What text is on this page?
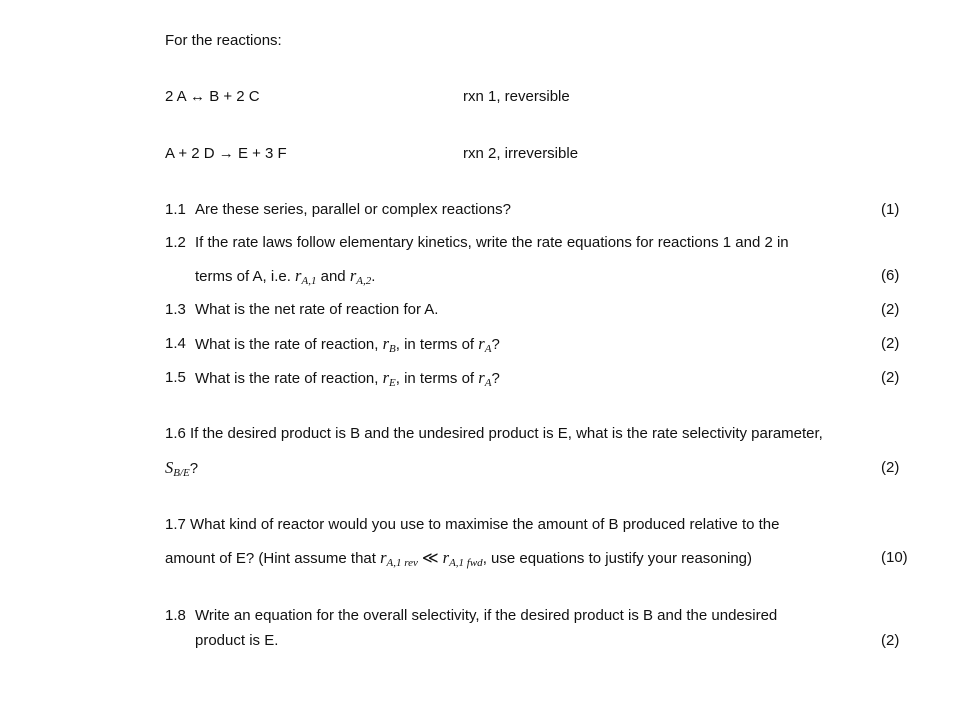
For the reactions:
2 A ↔ B + 2 C	rxn 1, reversible
A + 2 D → E + 3 F	rxn 2, irreversible
1.1 Are these series, parallel or complex reactions?	(1)
1.2 If the rate laws follow elementary kinetics, write the rate equations for reactions 1 and 2 in
terms of A, i.e. $r_{A,1}$ and $r_{A,2}$.	(6)
1.3 What is the net rate of reaction for A.	(2)
1.4 What is the rate of reaction, $r_B$, in terms of $r_A$?	(2)
1.5 What is the rate of reaction, $r_E$, in terms of $r_A$?	(2)
1.6 If the desired product is B and the undesired product is E, what is the rate selectivity parameter,
$S_{B/E}$?	(2)
1.7 What kind of reactor would you use to maximise the amount of B produced relative to the
amount of E? (Hint assume that $r_{A,1 rev}$ ≪ $r_{A,1 fwd}$, use equations to justify your reasoning)	(10)
1.8 Write an equation for the overall selectivity, if the desired product is B and the undesired
product is E.	(2)
